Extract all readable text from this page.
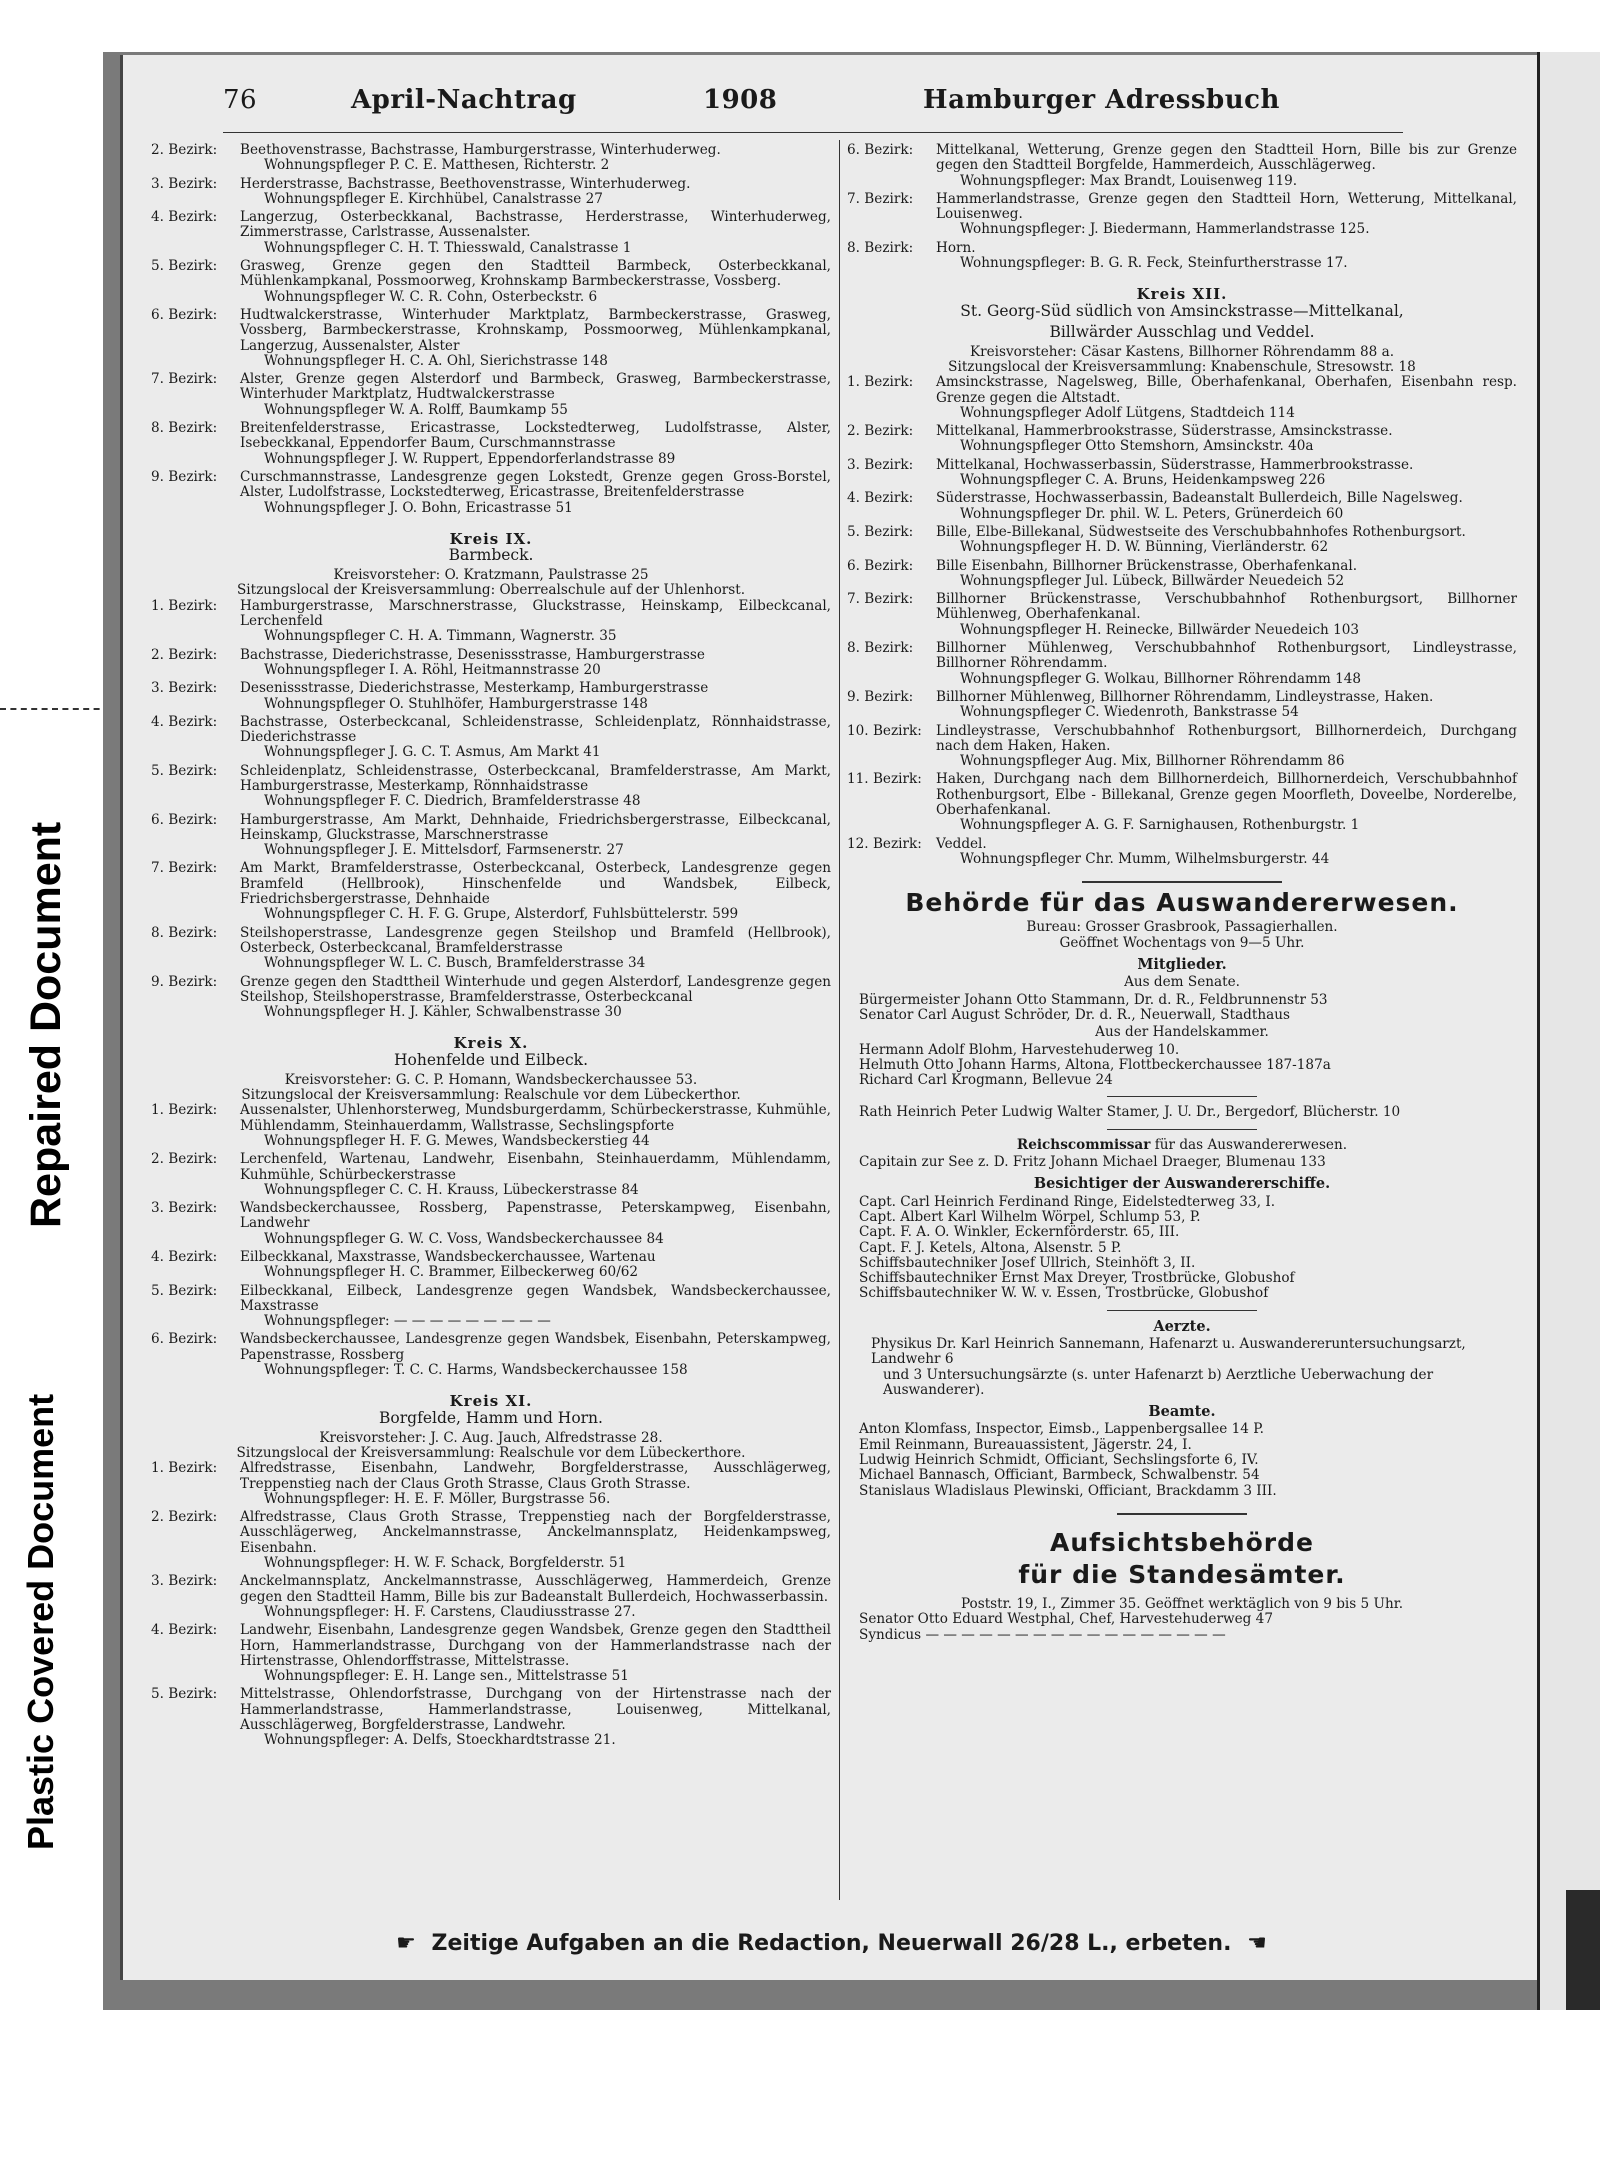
Repaired Document
Plastic Covered Document
76	April-Nachtrag	1908	Hamburger Adressbuch
2. Bezirk:	Beethovenstrasse, Bachstrasse, Hamburgerstrasse, Winterhuderweg.
Wohnungspfleger P. C. E. Matthesen, Richterstr. 2
3. Bezirk:	Herderstrasse, Bachstrasse, Beethovenstrasse, Winterhuderweg.
Wohnungspfleger E. Kirchhübel, Canalstrasse 27
4. Bezirk:	Langerzug, Osterbeckkanal, Bachstrasse, Herderstrasse, Winterhuderweg, Zimmerstrasse, Carlstrasse, Aussenalster.
Wohnungspfleger C. H. T. Thiesswald, Canalstrasse 1
5. Bezirk:	Grasweg, Grenze gegen den Stadtteil Barmbeck, Osterbeckkanal, Mühlenkampkanal, Possmoorweg, Krohnskamp Barmbeckerstrasse, Vossberg.
Wohnungspfleger W. C. R. Cohn, Osterbeckstr. 6
6. Bezirk:	Hudtwalckerstrasse, Winterhuder Marktplatz, Barmbeckerstrasse, Grasweg, Vossberg, Barmbeckerstrasse, Krohnskamp, Possmoorweg, Mühlenkampkanal, Langerzug, Aussenalster, Alster
Wohnungspfleger H. C. A. Ohl, Sierichstrasse 148
7. Bezirk:	Alster, Grenze gegen Alsterdorf und Barmbeck, Grasweg, Barmbeckerstrasse, Winterhuder Marktplatz, Hudtwalckerstrasse
Wohnungspfleger W. A. Rolff, Baumkamp 55
8. Bezirk:	Breitenfelderstrasse, Ericastrasse, Lockstedterweg, Ludolfstrasse, Alster, Isebeckkanal, Eppendorfer Baum, Curschmannstrasse
Wohnungspfleger J. W. Ruppert, Eppendorferlandstrasse 89
9. Bezirk:	Curschmannstrasse, Landesgrenze gegen Lokstedt, Grenze gegen Gross-Borstel, Alster, Ludolfstrasse, Lockstedterweg, Ericastrasse, Breitenfelderstrasse
Wohnungspfleger J. O. Bohn, Ericastrasse 51
Kreis IX.
Barmbeck.
Kreisvorsteher: O. Kratzmann, Paulstrasse 25
Sitzungslocal der Kreisversammlung: Oberrealschule auf der Uhlenhorst.
1. Bezirk:	Hamburgerstrasse, Marschnerstrasse, Gluckstrasse, Heinskamp, Eilbeckcanal, Lerchenfeld
Wohnungspfleger C. H. A. Timmann, Wagnerstr. 35
2. Bezirk:	Bachstrasse, Diederichstrasse, Desenissstrasse, Hamburgerstrasse
Wohnungspfleger I. A. Röhl, Heitmannstrasse 20
3. Bezirk:	Desenissstrasse, Diederichstrasse, Mesterkamp, Hamburgerstrasse
Wohnungspfleger O. Stuhlhöfer, Hamburgerstrasse 148
4. Bezirk:	Bachstrasse, Osterbeckcanal, Schleidenstrasse, Schleidenplatz, Rönnhaidstrasse, Diederichstrasse
Wohnungspfleger J. G. C. T. Asmus, Am Markt 41
5. Bezirk:	Schleidenplatz, Schleidenstrasse, Osterbeckcanal, Bramfelderstrasse, Am Markt, Hamburgerstrasse, Mesterkamp, Rönnhaidstrasse
Wohnungspfleger F. C. Diedrich, Bramfelderstrasse 48
6. Bezirk:	Hamburgerstrasse, Am Markt, Dehnhaide, Friedrichsbergerstrasse, Eilbeckcanal, Heinskamp, Gluckstrasse, Marschnerstrasse
Wohnungspfleger J. E. Mittelsdorf, Farmsenerstr. 27
7. Bezirk:	Am Markt, Bramfelderstrasse, Osterbeckcanal, Osterbeck, Landesgrenze gegen Bramfeld (Hellbrook), Hinschenfelde und Wandsbek, Eilbeck, Friedrichsbergerstrasse, Dehnhaide
Wohnungspfleger C. H. F. G. Grupe, Alsterdorf, Fuhlsbüttelerstr. 599
8. Bezirk:	Steilshoperstrasse, Landesgrenze gegen Steilshop und Bramfeld (Hellbrook), Osterbeck, Osterbeckcanal, Bramfelderstrasse
Wohnungspfleger W. L. C. Busch, Bramfelderstrasse 34
9. Bezirk:	Grenze gegen den Stadttheil Winterhude und gegen Alsterdorf, Landesgrenze gegen Steilshop, Steilshoperstrasse, Bramfelderstrasse, Osterbeckcanal
Wohnungspfleger H. J. Kähler, Schwalbenstrasse 30
Kreis X.
Hohenfelde und Eilbeck.
Kreisvorsteher: G. C. P. Homann, Wandsbeckerchaussee 53.
Sitzungslocal der Kreisversammlung: Realschule vor dem Lübeckerthor.
1. Bezirk:	Aussenalster, Uhlenhorsterweg, Mundsburgerdamm, Schürbeckerstrasse, Kuhmühle, Mühlendamm, Steinhauerdamm, Wallstrasse, Sechslingspforte
Wohnungspfleger H. F. G. Mewes, Wandsbeckerstieg 44
2. Bezirk:	Lerchenfeld, Wartenau, Landwehr, Eisenbahn, Steinhauerdamm, Mühlendamm, Kuhmühle, Schürbeckerstrasse
Wohnungspfleger C. C. H. Krauss, Lübeckerstrasse 84
3. Bezirk:	Wandsbeckerchaussee, Rossberg, Papenstrasse, Peterskampweg, Eisenbahn, Landwehr
Wohnungspfleger G. W. C. Voss, Wandsbeckerchaussee 84
4. Bezirk:	Eilbeckkanal, Maxstrasse, Wandsbeckerchaussee, Wartenau
Wohnungspfleger H. C. Brammer, Eilbeckerweg 60/62
5. Bezirk:	Eilbeckkanal, Eilbeck, Landesgrenze gegen Wandsbek, Wandsbeckerchaussee, Maxstrasse
Wohnungspfleger: — — — — — — — — —
6. Bezirk:	Wandsbeckerchaussee, Landesgrenze gegen Wandsbek, Eisenbahn, Peterskampweg, Papenstrasse, Rossberg
Wohnungspfleger: T. C. C. Harms, Wandsbeckerchaussee 158
Kreis XI.
Borgfelde, Hamm und Horn.
Kreisvorsteher: J. C. Aug. Jauch, Alfredstrasse 28.
Sitzungslocal der Kreisversammlung: Realschule vor dem Lübeckerthore.
1. Bezirk:	Alfredstrasse, Eisenbahn, Landwehr, Borgfelderstrasse, Ausschlägerweg, Treppenstieg nach der Claus Groth Strasse, Claus Groth Strasse.
Wohnungspfleger: H. E. F. Möller, Burgstrasse 56.
2. Bezirk:	Alfredstrasse, Claus Groth Strasse, Treppenstieg nach der Borgfelderstrasse, Ausschlägerweg, Anckelmannstrasse, Anckelmannsplatz, Heidenkampsweg, Eisenbahn.
Wohnungspfleger: H. W. F. Schack, Borgfelderstr. 51
3. Bezirk:	Anckelmannsplatz, Anckelmannstrasse, Ausschlägerweg, Hammerdeich, Grenze gegen den Stadtteil Hamm, Bille bis zur Badeanstalt Bullerdeich, Hochwasserbassin.
Wohnungspfleger: H. F. Carstens, Claudiusstrasse 27.
4. Bezirk:	Landwehr, Eisenbahn, Landesgrenze gegen Wandsbek, Grenze gegen den Stadttheil Horn, Hammerlandstrasse, Durchgang von der Hammerlandstrasse nach der Hirtenstrasse, Ohlendorffstrasse, Mittelstrasse.
Wohnungspfleger: E. H. Lange sen., Mittelstrasse 51
5. Bezirk:	Mittelstrasse, Ohlendorfstrasse, Durchgang von der Hirtenstrasse nach der Hammerlandstrasse, Hammerlandstrasse, Louisenweg, Mittelkanal, Ausschlägerweg, Borgfelderstrasse, Landwehr.
Wohnungspfleger: A. Delfs, Stoeckhardtstrasse 21.
6. Bezirk:	Mittelkanal, Wetterung, Grenze gegen den Stadtteil Horn, Bille bis zur Grenze gegen den Stadtteil Borgfelde, Hammerdeich, Ausschlägerweg.
Wohnungspfleger: Max Brandt, Louisenweg 119.
7. Bezirk:	Hammerlandstrasse, Grenze gegen den Stadtteil Horn, Wetterung, Mittelkanal, Louisenweg.
Wohnungspfleger: J. Biedermann, Hammerlandstrasse 125.
8. Bezirk:	Horn.
Wohnungspfleger: B. G. R. Feck, Steinfurtherstrasse 17.
Kreis XII.
St. Georg-Süd südlich von Amsinckstrasse—Mittelkanal,
Billwärder Ausschlag und Veddel.
Kreisvorsteher: Cäsar Kastens, Billhorner Röhrendamm 88 a.
Sitzungslocal der Kreisversammlung: Knabenschule, Stresowstr. 18
1. Bezirk:	Amsinckstrasse, Nagelsweg, Bille, Oberhafenkanal, Oberhafen, Eisenbahn resp. Grenze gegen die Altstadt.
Wohnungspfleger Adolf Lütgens, Stadtdeich 114
2. Bezirk:	Mittelkanal, Hammerbrookstrasse, Süderstrasse, Amsinckstrasse.
Wohnungspfleger Otto Stemshorn, Amsinckstr. 40a
3. Bezirk:	Mittelkanal, Hochwasserbassin, Süderstrasse, Hammerbrookstrasse.
Wohnungspfleger C. A. Bruns, Heidenkampsweg 226
4. Bezirk:	Süderstrasse, Hochwasserbassin, Badeanstalt Bullerdeich, Bille Nagelsweg.
Wohnungspfleger Dr. phil. W. L. Peters, Grünerdeich 60
5. Bezirk:	Bille, Elbe-Billekanal, Südwestseite des Verschubbahnhofes Rothenburgsort.
Wohnungspfleger H. D. W. Bünning, Vierländerstr. 62
6. Bezirk:	Bille Eisenbahn, Billhorner Brückenstrasse, Oberhafenkanal.
Wohnungspfleger Jul. Lübeck, Billwärder Neuedeich 52
7. Bezirk:	Billhorner Brückenstrasse, Verschubbahnhof Rothenburgsort, Billhorner Mühlenweg, Oberhafenkanal.
Wohnungspfleger H. Reinecke, Billwärder Neuedeich 103
8. Bezirk:	Billhorner Mühlenweg, Verschubbahnhof Rothenburgsort, Lindleystrasse, Billhorner Röhrendamm.
Wohnungspfleger G. Wolkau, Billhorner Röhrendamm 148
9. Bezirk:	Billhorner Mühlenweg, Billhorner Röhrendamm, Lindleystrasse, Haken.
Wohnungspfleger C. Wiedenroth, Bankstrasse 54
10. Bezirk:	Lindleystrasse, Verschubbahnhof Rothenburgsort, Billhornerdeich, Durchgang nach dem Haken, Haken.
Wohnungspfleger Aug. Mix, Billhorner Röhrendamm 86
11. Bezirk:	Haken, Durchgang nach dem Billhornerdeich, Billhornerdeich, Verschubbahnhof Rothenburgsort, Elbe - Billekanal, Grenze gegen Moorfleth, Doveelbe, Norderelbe, Oberhafenkanal.
Wohnungspfleger A. G. F. Sarnighausen, Rothenburgstr. 1
12. Bezirk:	Veddel.
Wohnungspfleger Chr. Mumm, Wilhelmsburgerstr. 44
Behörde für das Auswandererwesen.
Bureau: Grosser Grasbrook, Passagierhallen.
Geöffnet Wochentags von 9—5 Uhr.
Mitglieder.
Aus dem Senate.
Bürgermeister Johann Otto Stammann, Dr. d. R., Feldbrunnenstr 53
Senator Carl August Schröder, Dr. d. R., Neuerwall, Stadthaus
Aus der Handelskammer.
Hermann Adolf Blohm, Harvestehuderweg 10.
Helmuth Otto Johann Harms, Altona, Flottbeckerchaussee 187-187a
Richard Carl Krogmann, Bellevue 24
Rath Heinrich Peter Ludwig Walter Stamer, J. U. Dr., Bergedorf, Blücherstr. 10
Reichscommissar für das Auswandererwesen.
Capitain zur See z. D. Fritz Johann Michael Draeger, Blumenau 133
Besichtiger der Auswandererschiffe.
Capt. Carl Heinrich Ferdinand Ringe, Eidelstedterweg 33, I.
Capt. Albert Karl Wilhelm Wörpel, Schlump 53, P.
Capt. F. A. O. Winkler, Eckernförderstr. 65, III.
Capt. F. J. Ketels, Altona, Alsenstr. 5 P.
Schiffsbautechniker Josef Ullrich, Steinhöft 3, II.
Schiffsbautechniker Ernst Max Dreyer, Trostbrücke, Globushof
Schiffsbautechniker W. W. v. Essen, Trostbrücke, Globushof
Aerzte.
Physikus Dr. Karl Heinrich Sannemann, Hafenarzt u. Auswandereruntersuchungsarzt, Landwehr 6
und 3 Untersuchungsärzte (s. unter Hafenarzt b) Aerztliche Ueberwachung der Auswanderer).
Beamte.
Anton Klomfass, Inspector, Eimsb., Lappenbergsallee 14 P.
Emil Reinmann, Bureauassistent, Jägerstr. 24, I.
Ludwig Heinrich Schmidt, Officiant, Sechslingsforte 6, IV.
Michael Bannasch, Officiant, Barmbeck, Schwalbenstr. 54
Stanislaus Wladislaus Plewinski, Officiant, Brackdamm 3 III.
Aufsichtsbehörde
für die Standesämter.
Poststr. 19, I., Zimmer 35. Geöffnet werktäglich von 9 bis 5 Uhr.
Senator Otto Eduard Westphal, Chef, Harvestehuderweg 47
Syndicus — — — — — — — — — — — — — — — — —
☛ Zeitige Aufgaben an die Redaction, Neuerwall 26/28 L., erbeten. ☚
